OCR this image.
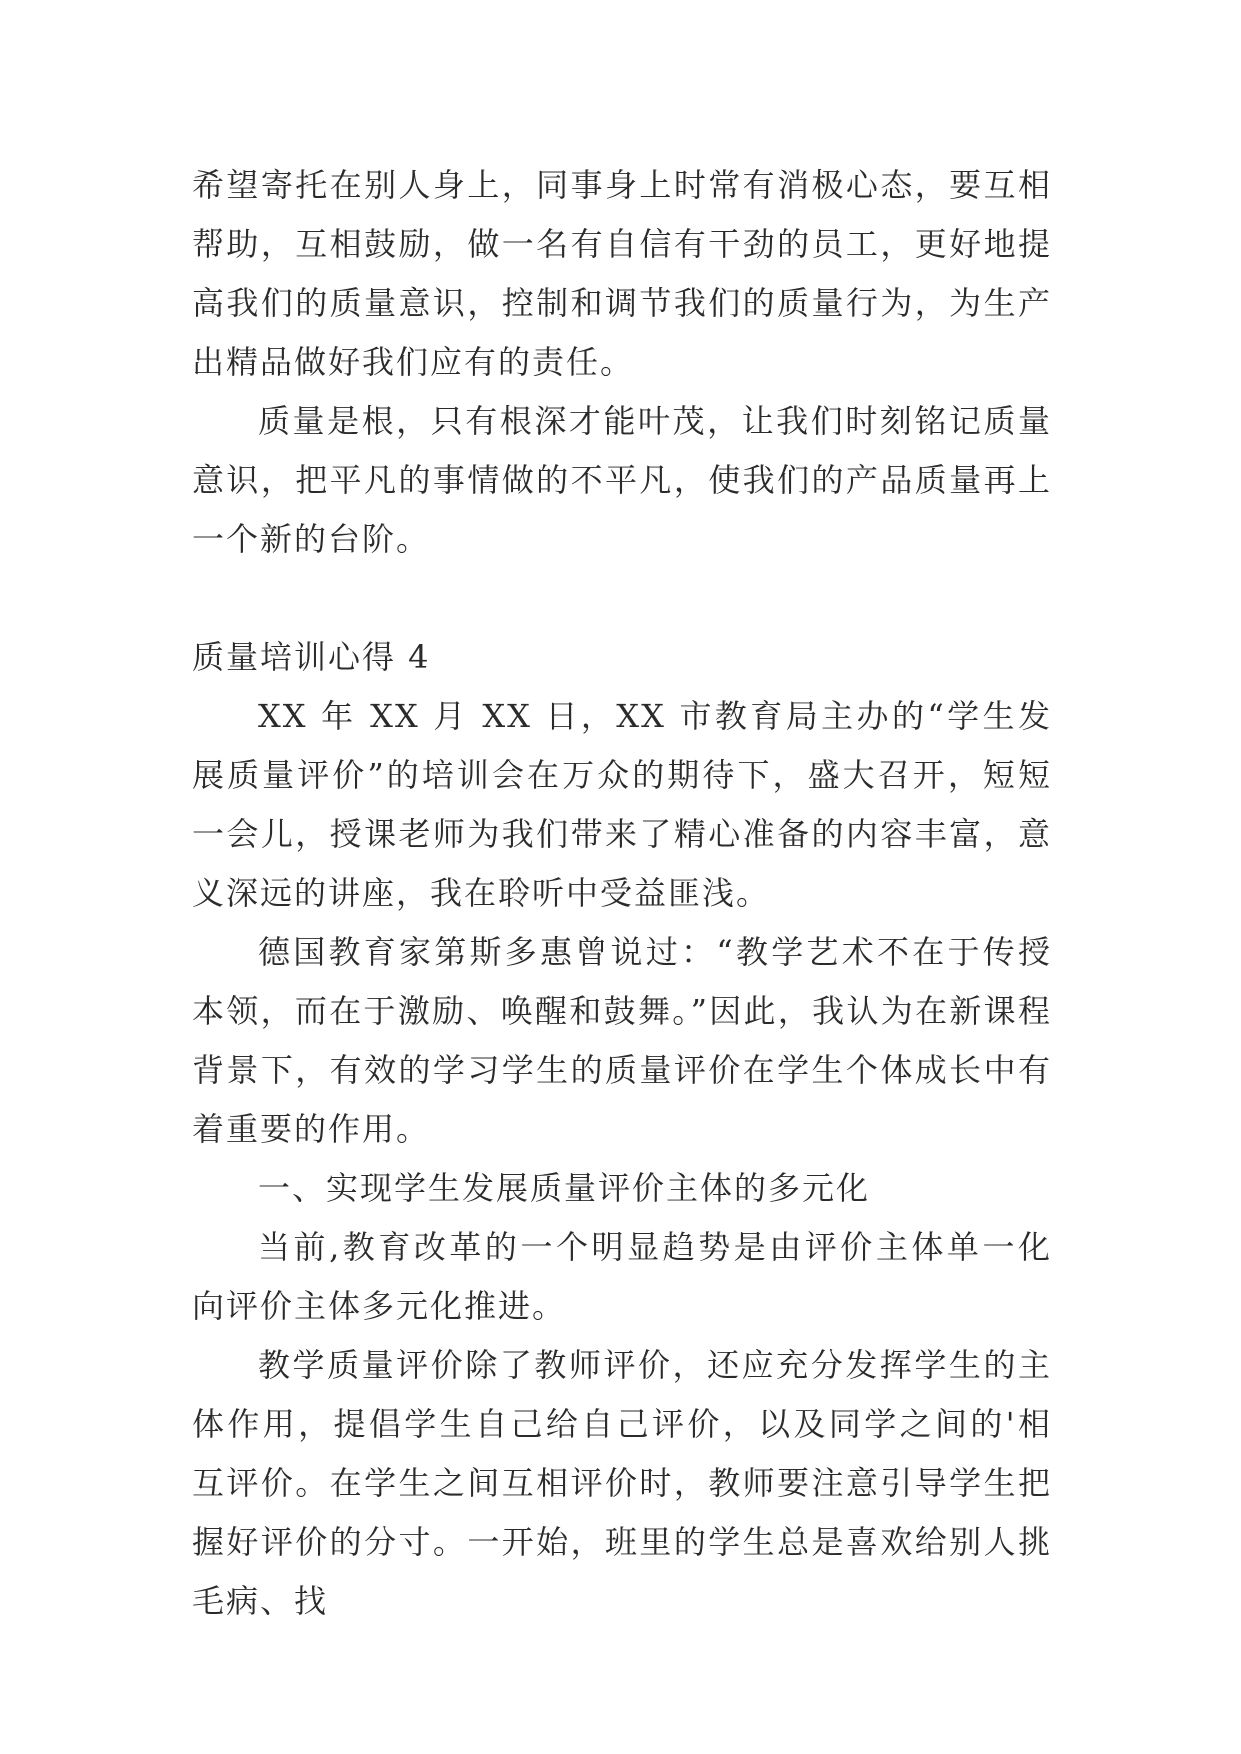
希望寄托在别人身上，同事身上时常有消极心态，要互相帮助，互相鼓励，做一名有自信有干劲的员工，更好地提高我们的质量意识，控制和调节我们的质量行为，为生产出精品做好我们应有的责任。

质量是根，只有根深才能叶茂，让我们时刻铭记质量意识，把平凡的事情做的不平凡，使我们的产品质量再上一个新的台阶。

质量培训心得 4

XX 年 XX 月 XX 日，XX 市教育局主办的“学生发展质量评价”的培训会在万众的期待下，盛大召开，短短一会儿，授课老师为我们带来了精心准备的内容丰富，意义深远的讲座，我在聆听中受益匪浅。

德国教育家第斯多惠曾说过：“教学艺术不在于传授本领，而在于激励、唤醒和鼓舞。”因此，我认为在新课程背景下，有效的学习学生的质量评价在学生个体成长中有着重要的作用。

一、实现学生发展质量评价主体的多元化

当前,教育改革的一个明显趋势是由评价主体单一化向评价主体多元化推进。

教学质量评价除了教师评价，还应充分发挥学生的主体作用，提倡学生自己给自己评价，以及同学之间的'相互评价。在学生之间互相评价时，教师要注意引导学生把握好评价的分寸。一开始，班里的学生总是喜欢给别人挑毛病、找
